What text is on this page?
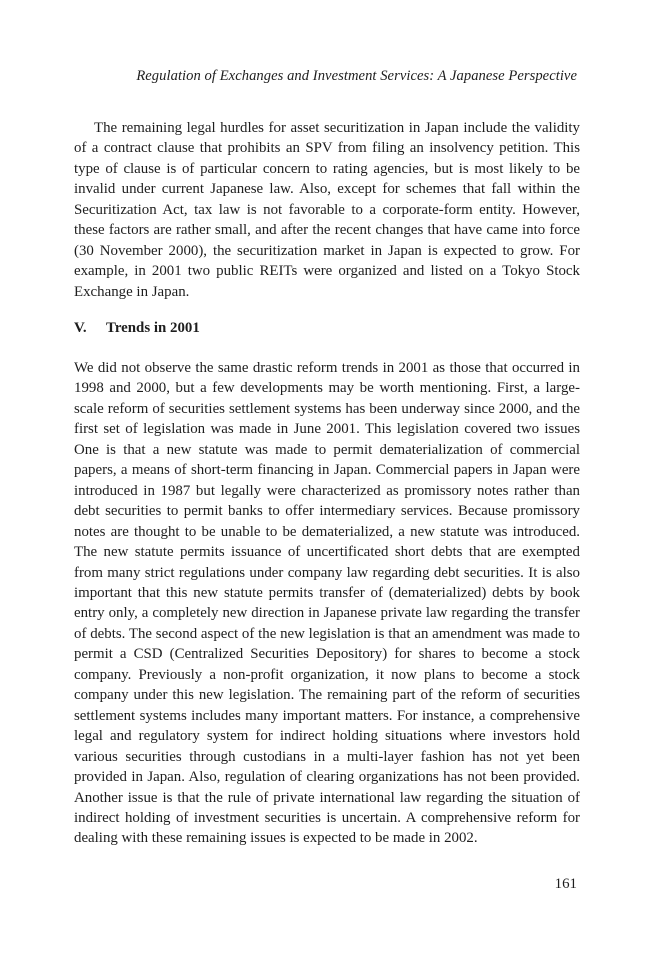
Regulation of Exchanges and Investment Services: A Japanese Perspective

The remaining legal hurdles for asset securitization in Japan include the validity of a contract clause that prohibits an SPV from filing an insolvency petition. This type of clause is of particular concern to rating agencies, but is most likely to be invalid under current Japanese law. Also, except for schemes that fall within the Securitization Act, tax law is not favorable to a corporate-form entity. However, these factors are rather small, and after the recent changes that have came into force (30 November 2000), the securitization market in Japan is expected to grow. For example, in 2001 two public REITs were organized and listed on a Tokyo Stock Exchange in Japan.

V. Trends in 2001

We did not observe the same drastic reform trends in 2001 as those that occurred in 1998 and 2000, but a few developments may be worth mentioning. First, a large-scale reform of securities settlement systems has been underway since 2000, and the first set of legislation was made in June 2001. This legislation covered two issues One is that a new statute was made to permit dematerialization of commercial papers, a means of short-term financing in Japan. Commercial papers in Japan were introduced in 1987 but legally were characterized as promissory notes rather than debt securities to permit banks to offer intermediary services. Because promissory notes are thought to be unable to be dematerialized, a new statute was introduced. The new statute permits issuance of uncertificated short debts that are exempted from many strict regulations under company law regarding debt securities. It is also important that this new statute permits transfer of (dematerialized) debts by book entry only, a completely new direction in Japanese private law regarding the transfer of debts. The second aspect of the new legislation is that an amendment was made to permit a CSD (Centralized Securities Depository) for shares to become a stock company. Previously a non-profit organization, it now plans to become a stock company under this new legislation. The remaining part of the reform of securities settlement systems includes many important matters. For instance, a comprehensive legal and regulatory system for indirect holding situations where investors hold various securities through custodians in a multi-layer fashion has not yet been provided in Japan. Also, regulation of clearing organizations has not been provided. Another issue is that the rule of private international law regarding the situation of indirect holding of investment securities is uncertain. A comprehensive reform for dealing with these remaining issues is expected to be made in 2002.

161
